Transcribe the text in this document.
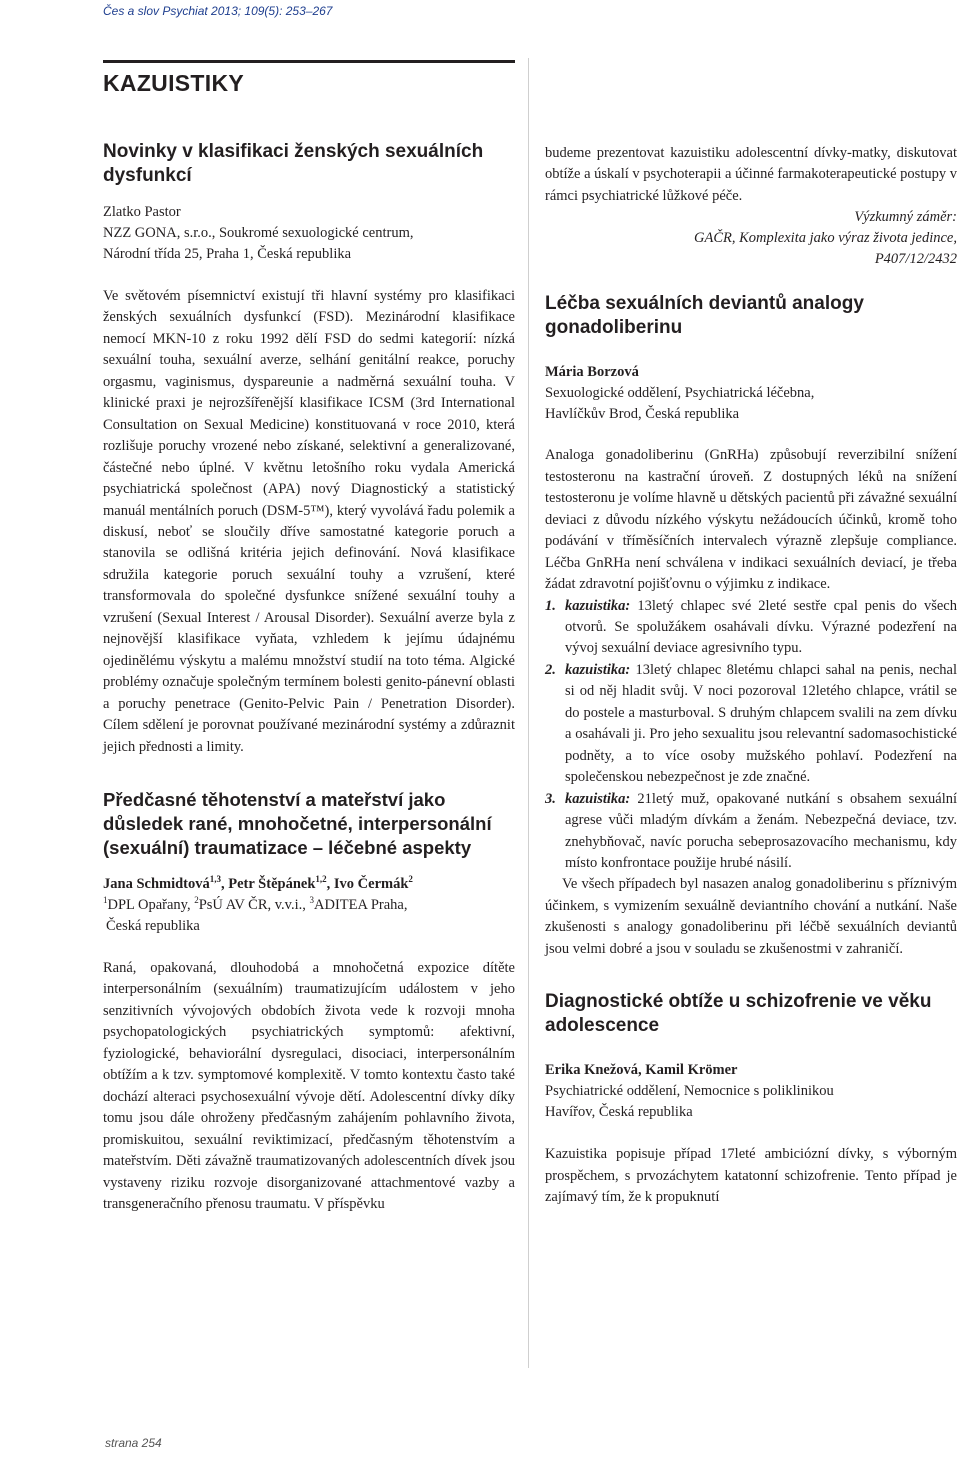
Čes a slov Psychiat 2013; 109(5): 253–267
KAZUISTIKY
Novinky v klasifikaci ženských sexuálních dysfunkcí
Zlatko Pastor
NZZ GONA, s.r.o., Soukromé sexuologické centrum,
Národní třída 25, Praha 1, Česká republika

Ve světovém písemnictví existují tři hlavní systémy pro klasifikaci ženských sexuálních dysfunkcí (FSD). Mezinárodní klasifikace nemocí MKN-10 z roku 1992 dělí FSD do sedmi kategorií: nízká sexuální touha, sexuální averze, selhání genitální reakce, poruchy orgasmu, vaginismus, dyspareunie a nadměrná sexuální touha. V klinické praxi je nejrozšířenější klasifikace ICSM (3rd International Consultation on Sexual Medicine) konstituovaná v roce 2010, která rozlišuje poruchy vrozené nebo získané, selektivní a generalizované, částečné nebo úplné. V květnu letošního roku vydala Americká psychiatrická společnost (APA) nový Diagnostický a statistický manuál mentálních poruch (DSM-5™), který vyvolává řadu polemik a diskusí, neboť se sloučily dříve samostatné kategorie poruch a stanovila se odlišná kritéria jejich definování. Nová klasifikace sdružila kategorie poruch sexuální touhy a vzrušení, které transformovala do společné dysfunkce snížené sexuální touhy a vzrušení (Sexual Interest / Arousal Disorder). Sexuální averze byla z nejnovější klasifikace vyňata, vzhledem k jejímu údajnému ojedinělému výskytu a malému množství studií na toto téma. Algické problémy označuje společným termínem bolesti genito-pánevní oblasti a poruchy penetrace (Genito-Pelvic Pain / Penetration Disorder). Cílem sdělení je porovnat používané mezinárodní systémy a zdůraznit jejich přednosti a limity.

Předčasné těhotenství a mateřství jako důsledek rané, mnohočetné, interpersonální (sexuální) traumatizace – léčebné aspekty
Jana Schmidtová$^{1,3}$, Petr Štěpánek$^{1,2}$, Ivo Čermák$^2$
$^1$DPL Opařany, $^2$PsÚ AV ČR, v.v.i., $^3$ADITEA Praha,
Česká republika

Raná, opakovaná, dlouhodobá a mnohočetná expozice dítěte interpersonálním (sexuálním) traumatizujícím událostem v jeho senzitivních vývojových obdobích života vede k rozvoji mnoha psychopatologických psychiatrických symptomů: afektivní, fyziologické, behaviorální dysregulaci, disociaci, interpersonálním obtížím a k tzv. symptomové komplexitě. V tomto kontextu často také dochází alteraci psychosexuální vývoje dětí. Adolescentní dívky díky tomu jsou dále ohroženy předčasným zahájením pohlavního života, promiskuitou, sexuální reviktimizací, předčasným těhotenstvím a mateřstvím. Děti závažně traumatizovaných adolescentních dívek jsou vystaveny riziku rozvoje disorganizované attachmentové vazby a transgeneračního přenosu traumatu. V příspěvku

budeme prezentovat kazuistiku adolescentní dívky-matky, diskutovat obtíže a úskalí v psychoterapii a účinné farmakoterapeutické postupy v rámci psychiatrické lůžkové péče.

Výzkumný záměr:
GAČR, Komplexita jako výraz života jedince,
P407/12/2432
Léčba sexuálních deviantů analogy gonadoliberinu
Mária Borzová
Sexuologické oddělení, Psychiatrická léčebna,
Havlíčkův Brod, Česká republika

Analoga gonadoliberinu (GnRHa) způsobují reverzibilní snížení testosteronu na kastrační úroveň. Z dostupných léků na snížení testosteronu je volíme hlavně u dětských pacientů při závažné sexuální deviaci z důvodu nízkého výskytu nežádoucích účinků, kromě toho podávání v tříměsíčních intervalech výrazně zlepšuje compliance. Léčba GnRHa není schválena v indikaci sexuálních deviací, je třeba žádat zdravotní pojišťovnu o výjimku z indikace.

1. kazuistika: 13letý chlapec své 2leté sestře cpal penis do všech otvorů. Se spolužákem osahávali dívku. Výrazné podezření na vývoj sexuální deviace agresivního typu.
2. kazuistika: 13letý chlapec 8letému chlapci sahal na penis, nechal si od něj hladit svůj. V noci pozoroval 12letého chlapce, vrátil se do postele a masturboval. S druhým chlapcem svalili na zem dívku a osahávali ji. Pro jeho sexualitu jsou relevantní sadomasochistické podněty, a to více osoby mužského pohlaví. Podezření na společenskou nebezpečnost je zde značné.
3. kazuistika: 21letý muž, opakované nutkání s obsahem sexuální agrese vůči mladým dívkám a ženám. Nebezpečná deviace, tzv. znehybňovač, navíc porucha sebeprosazovacího mechanismu, kdy místo konfrontace použije hrubé násilí.

Ve všech případech byl nasazen analog gonadoliberinu s příznivým účinkem, s vymizením sexuálně deviantního chování a nutkání. Naše zkušenosti s analogy gonadoliberinu při léčbě sexuálních deviantů jsou velmi dobré a jsou v souladu se zkušenostmi v zahraničí.

Diagnostické obtíže u schizofrenie ve věku adolescence
Erika Knežová, Kamil Krömer
Psychiatrické oddělení, Nemocnice s poliklinikou
Havířov, Česká republika

Kazuistika popisuje případ 17leté ambiciózní dívky, s výborným prospěchem, s prvozáchytem katatonní schizofrenie. Tento případ je zajímavý tím, že k propuknutí

strana 254
